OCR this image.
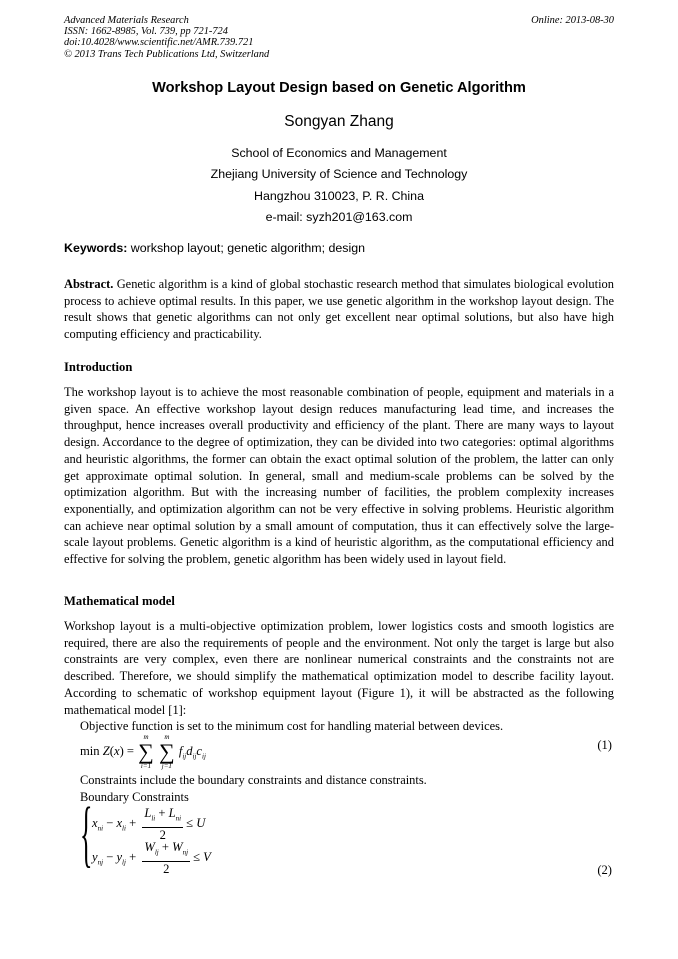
Advanced Materials Research
ISSN: 1662-8985, Vol. 739, pp 721-724
doi:10.4028/www.scientific.net/AMR.739.721
© 2013 Trans Tech Publications Ltd, Switzerland
Online: 2013-08-30
Workshop Layout Design based on Genetic Algorithm
Songyan Zhang
School of Economics and Management
Zhejiang University of Science and Technology
Hangzhou 310023, P. R. China
e-mail: syzh201@163.com
Keywords: workshop layout; genetic algorithm; design

Abstract. Genetic algorithm is a kind of global stochastic research method that simulates biological evolution process to achieve optimal results. In this paper, we use genetic algorithm in the workshop layout design. The result shows that genetic algorithms can not only get excellent near optimal solutions, but also have high computing efficiency and practicability.

Introduction

The workshop layout is to achieve the most reasonable combination of people, equipment and materials in a given space. An effective workshop layout design reduces manufacturing lead time, and increases the throughput, hence increases overall productivity and efficiency of the plant. There are many ways to layout design. Accordance to the degree of optimization, they can be divided into two categories: optimal algorithms and heuristic algorithms, the former can obtain the exact optimal solution of the problem, the latter can only get approximate optimal solution. In general, small and medium-scale problems can be solved by the optimization algorithm. But with the increasing number of facilities, the problem complexity increases exponentially, and optimization algorithm can not be very effective in solving problems. Heuristic algorithm can achieve near optimal solution by a small amount of computation, thus it can effectively solve the large-scale layout problems. Genetic algorithm is a kind of heuristic algorithm, as the computational efficiency and effective for solving the problem, genetic algorithm has been widely used in layout field.

Mathematical model

Workshop layout is a multi-objective optimization problem, lower logistics costs and smooth logistics are required, there are also the requirements of people and the environment. Not only the target is large but also constraints are very complex, even there are nonlinear numerical constraints and the constraints not are described. Therefore, we should simplify the mathematical optimization model to describe facility layout. According to schematic of workshop equipment layout (Figure 1), it will be abstracted as the following mathematical model [1]:

Objective function is set to the minimum cost for handling material between devices.

min Z(x) =
m
∑
i=1

m
∑
j=1
$f_{ij}d_{ij}c_{ij}$
(1)

Constraints include the boundary constraints and distance constraints.

Boundary Constraints

{ $x_{ni} - x_{li} + \frac{L_{li} + L_{ni}}{2} \le U$
$y_{nj} - y_{lj} + \frac{W_{lj} + W_{nj}}{2} \le V$
(2)
